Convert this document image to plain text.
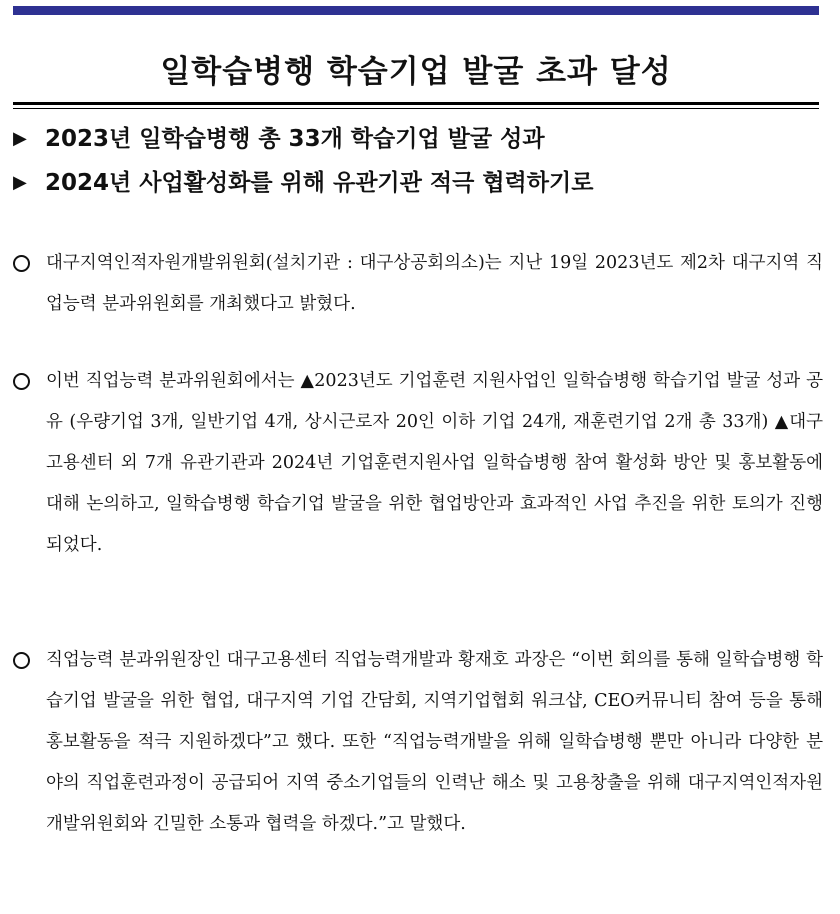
일학습병행 학습기업 발굴 초과 달성
▶ 2023년 일학습병행 총 33개 학습기업 발굴 성과
▶ 2024년 사업활성화를 위해 유관기관 적극 협력하기로
대구지역인적자원개발위원회(설치기관 : 대구상공회의소)는 지난 19일 2023년도 제2차 대구지역 직업능력 분과위원회를 개최했다고 밝혔다.
이번 직업능력 분과위원회에서는 ▲2023년도 기업훈련 지원사업인 일학습병행 학습기업 발굴 성과 공유 (우량기업 3개, 일반기업 4개, 상시근로자 20인 이하 기업 24개, 재훈련기업 2개 총 33개) ▲대구고용센터 외 7개 유관기관과 2024년 기업훈련지원사업 일학습병행 참여 활성화 방안 및 홍보활동에 대해 논의하고, 일학습병행 학습기업 발굴을 위한 협업방안과 효과적인 사업 추진을 위한 토의가 진행되었다.
직업능력 분과위원장인 대구고용센터 직업능력개발과 황재호 과장은 “이번 회의를 통해 일학습병행 학습기업 발굴을 위한 협업, 대구지역 기업 간담회, 지역기업협회 워크샵, CEO커뮤니티 참여 등을 통해 홍보활동을 적극 지원하겠다”고 했다. 또한 “직업능력개발을 위해 일학습병행 뿐만 아니라 다양한 분야의 직업훈련과정이 공급되어 지역 중소기업들의 인력난 해소 및 고용창출을 위해 대구지역인적자원개발위원회와 긴밀한 소통과 협력을 하겠다.”고 말했다.
